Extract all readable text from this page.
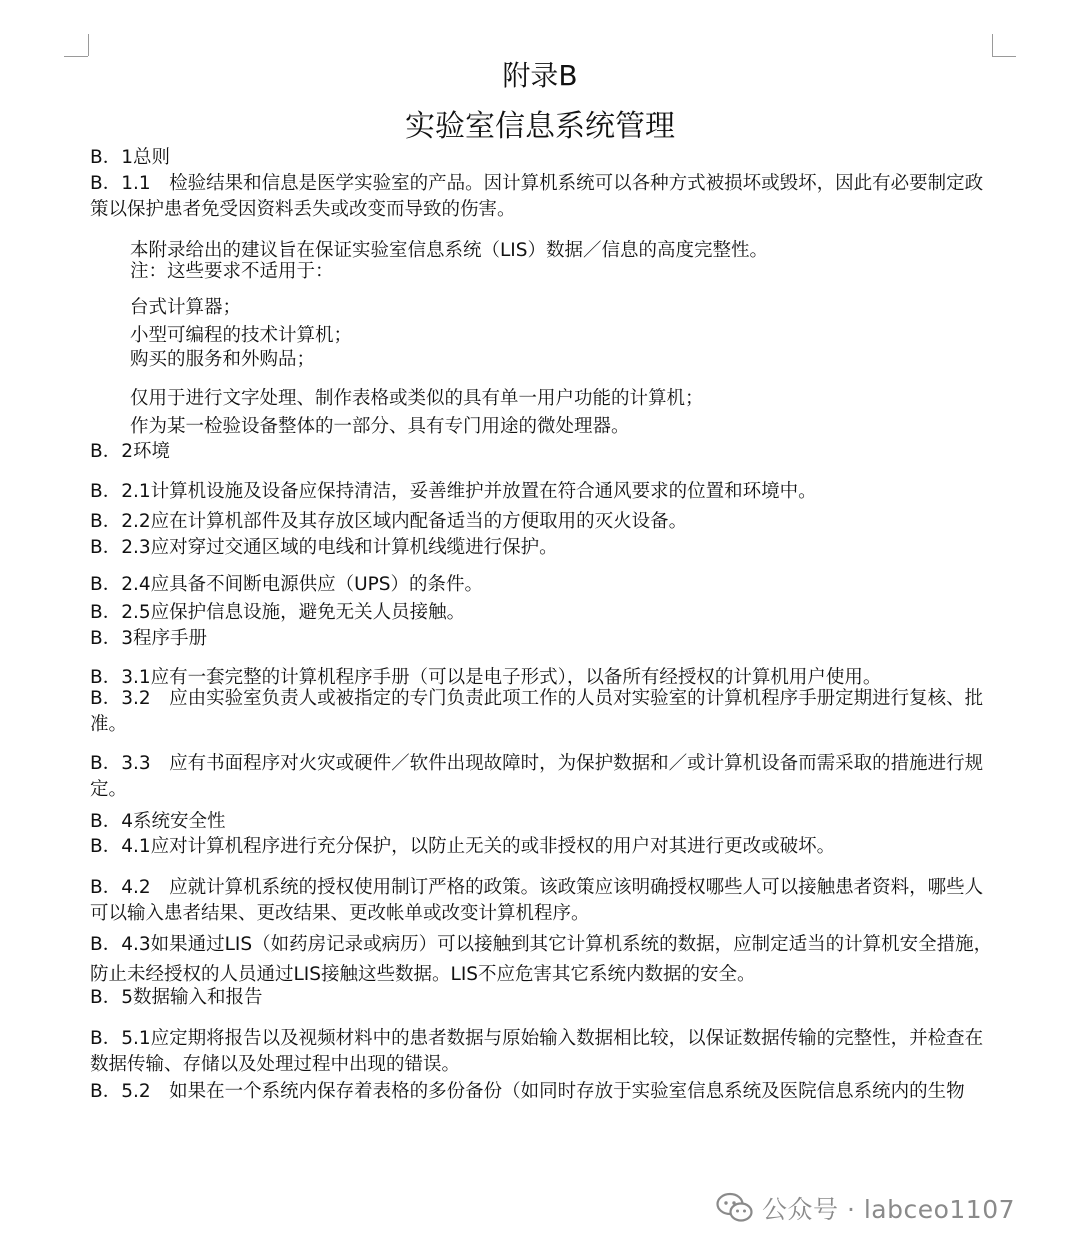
附录B
实验室信息系统管理
B．1总则
B．1.1　检验结果和信息是医学实验室的产品。因计算机系统可以各种方式被损坏或毁坏，因此有必要制定政策以保护患者免受因资料丢失或改变而导致的伤害。
本附录给出的建议旨在保证实验室信息系统（LIS）数据／信息的高度完整性。
注：这些要求不适用于：
台式计算器；
小型可编程的技术计算机；
购买的服务和外购品；
仅用于进行文字处理、制作表格或类似的具有单一用户功能的计算机；
作为某一检验设备整体的一部分、具有专门用途的微处理器。
B．2环境
B．2.1计算机设施及设备应保持清洁，妥善维护并放置在符合通风要求的位置和环境中。
B．2.2应在计算机部件及其存放区域内配备适当的方便取用的灭火设备。
B．2.3应对穿过交通区域的电线和计算机线缆进行保护。
B．2.4应具备不间断电源供应（UPS）的条件。
B．2.5应保护信息设施，避免无关人员接触。
B．3程序手册
B．3.1应有一套完整的计算机程序手册（可以是电子形式），以备所有经授权的计算机用户使用。
B．3.2　应由实验室负责人或被指定的专门负责此项工作的人员对实验室的计算机程序手册定期进行复核、批准。
B．3.3　应有书面程序对火灾或硬件／软件出现故障时，为保护数据和／或计算机设备而需采取的措施进行规定。
B．4系统安全性
B．4.1应对计算机程序进行充分保护，以防止无关的或非授权的用户对其进行更改或破坏。
B．4.2　应就计算机系统的授权使用制订严格的政策。该政策应该明确授权哪些人可以接触患者资料，哪些人可以输入患者结果、更改结果、更改帐单或改变计算机程序。
B．4.3如果通过LIS（如药房记录或病历）可以接触到其它计算机系统的数据，应制定适当的计算机安全措施，防止未经授权的人员通过LIS接触这些数据。LIS不应危害其它系统内数据的安全。
B．5数据输入和报告
B．5.1应定期将报告以及视频材料中的患者数据与原始输入数据相比较，以保证数据传输的完整性，并检查在数据传输、存储以及处理过程中出现的错误。
B．5.2　如果在一个系统内保存着表格的多份备份（如同时存放于实验室信息系统及医院信息系统内的生物
公众号 · labceo1107
